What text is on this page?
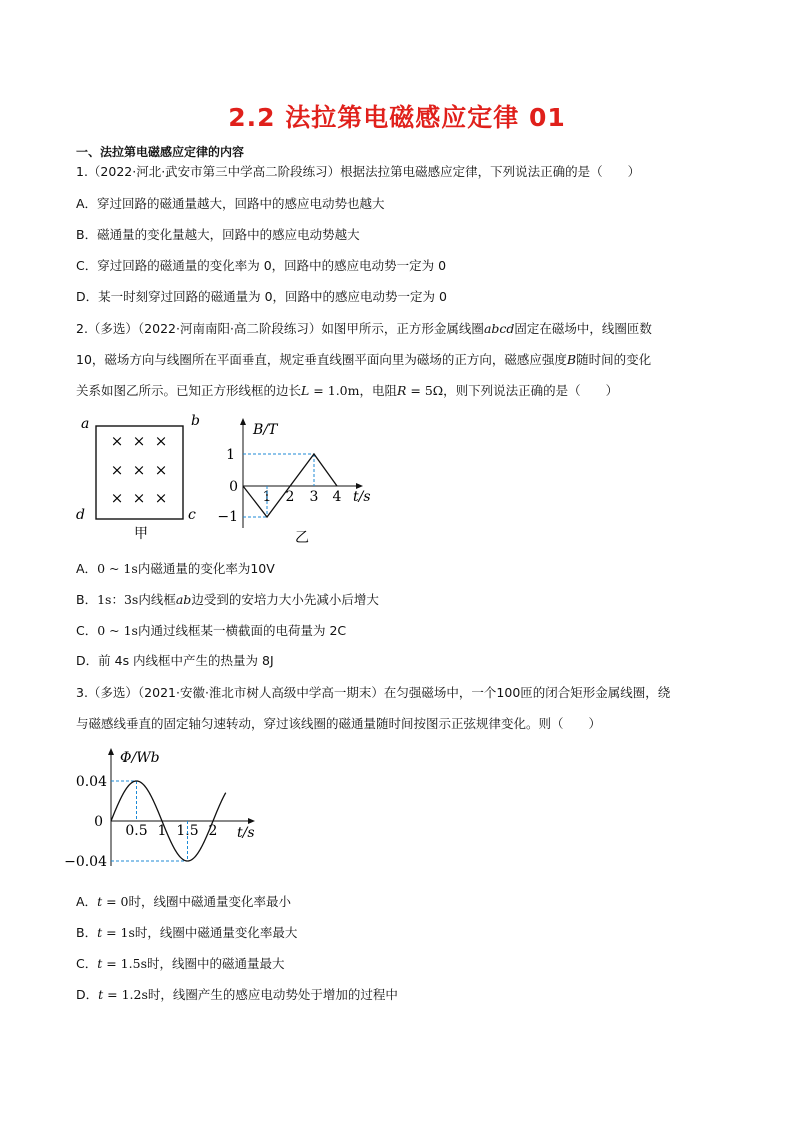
2.2 法拉第电磁感应定律 01
一、法拉第电磁感应定律的内容
1.（2022·河北·武安市第三中学高二阶段练习）根据法拉第电磁感应定律，下列说法正确的是（　　）
A．穿过回路的磁通量越大，回路中的感应电动势也越大
B．磁通量的变化量越大，回路中的感应电动势越大
C．穿过回路的磁通量的变化率为 0，回路中的感应电动势一定为 0
D．某一时刻穿过回路的磁通量为 0，回路中的感应电动势一定为 0
2.（多选）（2022·河南南阳·高二阶段练习）如图甲所示，正方形金属线圈abcd固定在磁场中，线圈匝数
10，磁场方向与线圈所在平面垂直，规定垂直线圈平面向里为磁场的正方向，磁感应强度B随时间的变化
关系如图乙所示。已知正方形线框的边长L = 1.0m，电阻R = 5Ω，则下列说法正确的是（　　）
a	b
c
d
× × ×
× × ×
× × ×
甲
B/T
t/s
1
0
−1
1 2 3 4
乙
A．0 ~ 1s内磁通量的变化率为10V
B．1s：3s内线框ab边受到的安培力大小先减小后增大
C．0 ~ 1s内通过线框某一横截面的电荷量为 2C
D．前 4s 内线框中产生的热量为 8J
3.（多选）（2021·安徽·淮北市树人高级中学高一期末）在匀强磁场中，一个100匝的闭合矩形金属线圈，绕
与磁感线垂直的固定轴匀速转动，穿过该线圈的磁通量随时间按图示正弦规律变化。则（　　）
Φ/Wb
t/s
0.5 1 1.5 2
0.04
0
−0.04
A．t = 0时，线圈中磁通量变化率最小
B．t = 1s时，线圈中磁通量变化率最大
C．t = 1.5s时，线圈中的磁通量最大
D．t = 1.2s时，线圈产生的感应电动势处于增加的过程中
